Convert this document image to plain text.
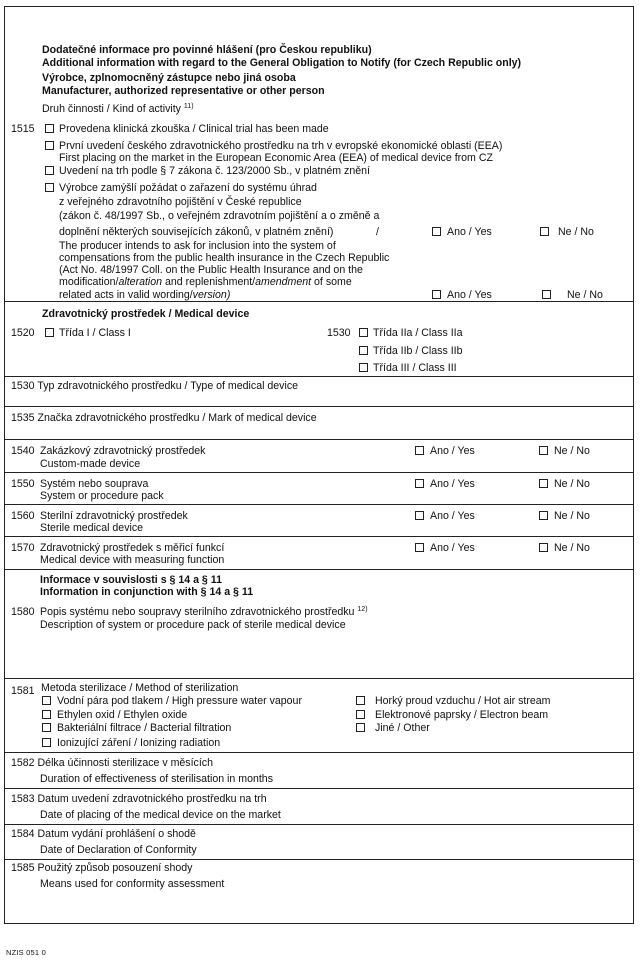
Dodatečné informace pro povinné hlášení (pro Českou republiku)
Additional information with regard to the General Obligation to Notify (for Czech Republic only)
Výrobce, zplnomocněný zástupce nebo jiná osoba
Manufacturer, authorized representative or other person
Druh činnosti / Kind of activity $^{11)}$
1515 Provedena klinická zkouška / Clinical trial has been made
První uvedení českého zdravotnického prostředku na trh v evropské ekonomické oblasti (EEA)
First placing on the market in the European Economic Area (EEA) of medical device from CZ
Uvedení na trh podle § 7 zákona č. 123/2000 Sb., v platném znění
Výrobce zamýšlí požádat o zařazení do systému úhrad
z veřejného zdravotního pojištění v České republice
(zákon č. 48/1997 Sb., o veřejném zdravotním pojištění a o změně a
doplnění některých souvisejících zákonů, v platném znění)	/	Ano / Yes	Ne / No
The producer intends to ask for inclusion into the system of
compensations from the public health insurance in the Czech Republic
(Act No. 48/1997 Coll. on the Public Health Insurance and on the
modification/alteration and replenishment/amendment of some
related acts in valid wording/version)	Ano / Yes	Ne / No
Zdravotnický prostředek / Medical device
1520 Třída I / Class I	1530 Třída IIa / Class IIa
Třída IIb / Class IIb
Třída III / Class III
1530 Typ zdravotnického prostředku / Type of medical device
1535 Značka zdravotnického prostředku / Mark of medical device
1540 Zakázkový zdravotnický prostředek
Custom-made device
Ano / Yes	Ne / No
1550 Systém nebo souprava
System or procedure pack
Ano / Yes	Ne / No
1560 Sterilní zdravotnický prostředek
Sterile medical device
Ano / Yes	Ne / No
1570 Zdravotnický prostředek s měřicí funkcí
Medical device with measuring function
Ano / Yes	Ne / No
Informace v souvislosti s § 14 a § 11
Information in conjunction with § 14 a § 11
1580 Popis systému nebo soupravy sterilního zdravotnického prostředku $^{12)}$
Description of system or procedure pack of sterile medical device
1581 Metoda sterilizace / Method of sterilization
Vodní pára pod tlakem / High pressure water vapour
Ethylen oxid / Ethylen oxide
Bakteriální filtrace / Bacterial filtration
Ionizující záření / Ionizing radiation
Horký proud vzduchu / Hot air stream
Elektronové paprsky / Electron beam
Jiné / Other
1582 Délka účinnosti sterilizace v měsících
Duration of effectiveness of sterilisation in months
1583 Datum uvedení zdravotnického prostředku na trh
Date of placing of the medical device on the market
1584 Datum vydání prohlášení o shodě
Date of Declaration of Conformity
1585 Použitý způsob posouzení shody
Means used for conformity assessment
NZIS 051 0
